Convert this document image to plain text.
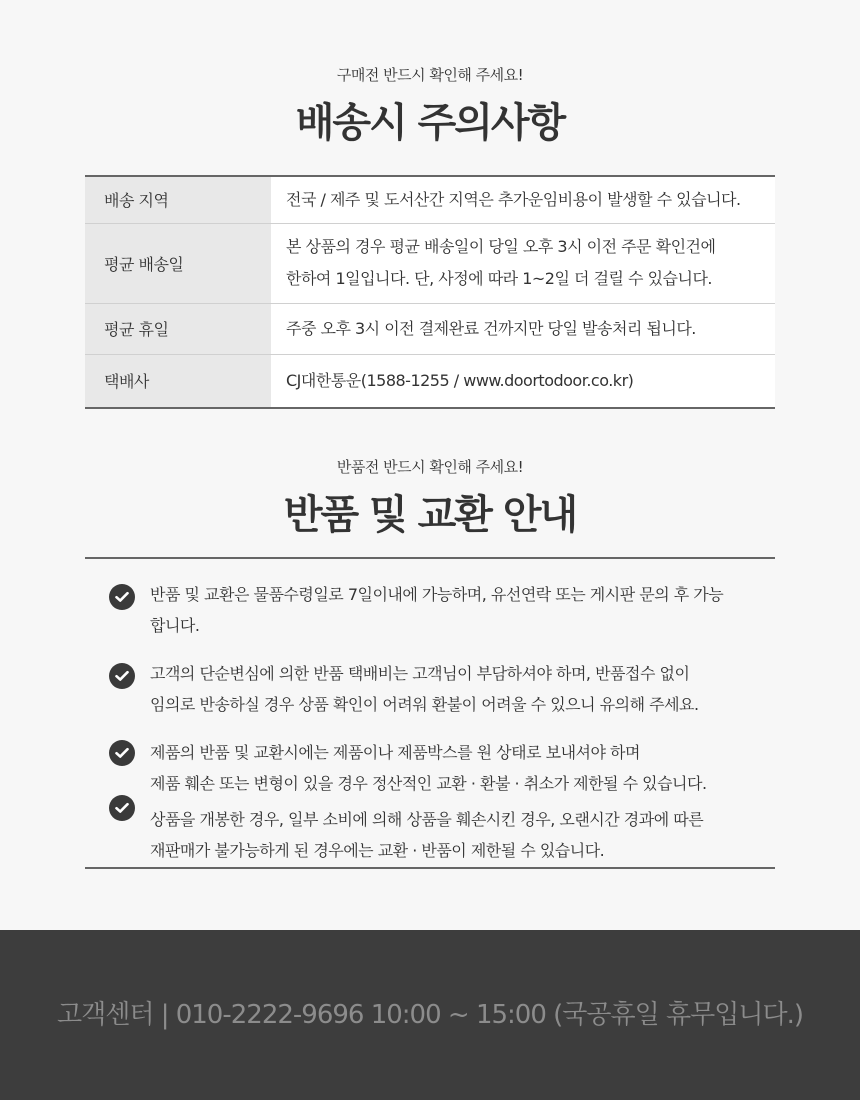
구매전 반드시 확인해 주세요!
배송시 주의사항
배송 지역	전국 / 제주 및 도서산간 지역은 추가운임비용이 발생할 수 있습니다.

평균 배송일	본 상품의 경우 평균 배송일이 당일 오후 3시 이전 주문 확인건에
한하여 1일입니다. 단, 사정에 따라 1~2일 더 걸릴 수 있습니다.

평균 휴일	주중 오후 3시 이전 결제완료 건까지만 당일 발송처리 됩니다.

택배사	CJ대한통운(1588-1255 / www.doortodoor.co.kr)
반품전 반드시 확인해 주세요!
반품 및 교환 안내
반품 및 교환은 물품수령일로 7일이내에 가능하며, 유선연락 또는 게시판 문의 후 가능
합니다.
고객의 단순변심에 의한 반품 택배비는 고객님이 부담하셔야 하며, 반품접수 없이
임의로 반송하실 경우 상품 확인이 어려워 환불이 어려울 수 있으니 유의해 주세요.
제품의 반품 및 교환시에는 제품이나 제품박스를 원 상태로 보내셔야 하며
제품 훼손 또는 변형이 있을 경우 정산적인 교환 · 환불 · 취소가 제한될 수 있습니다.
상품을 개봉한 경우, 일부 소비에 의해 상품을 훼손시킨 경우, 오랜시간 경과에 따른
재판매가 불가능하게 된 경우에는 교환 · 반품이 제한될 수 있습니다.
고객센터 | 010-2222-9696 10:00 ~ 15:00 (국공휴일 휴무입니다.)
